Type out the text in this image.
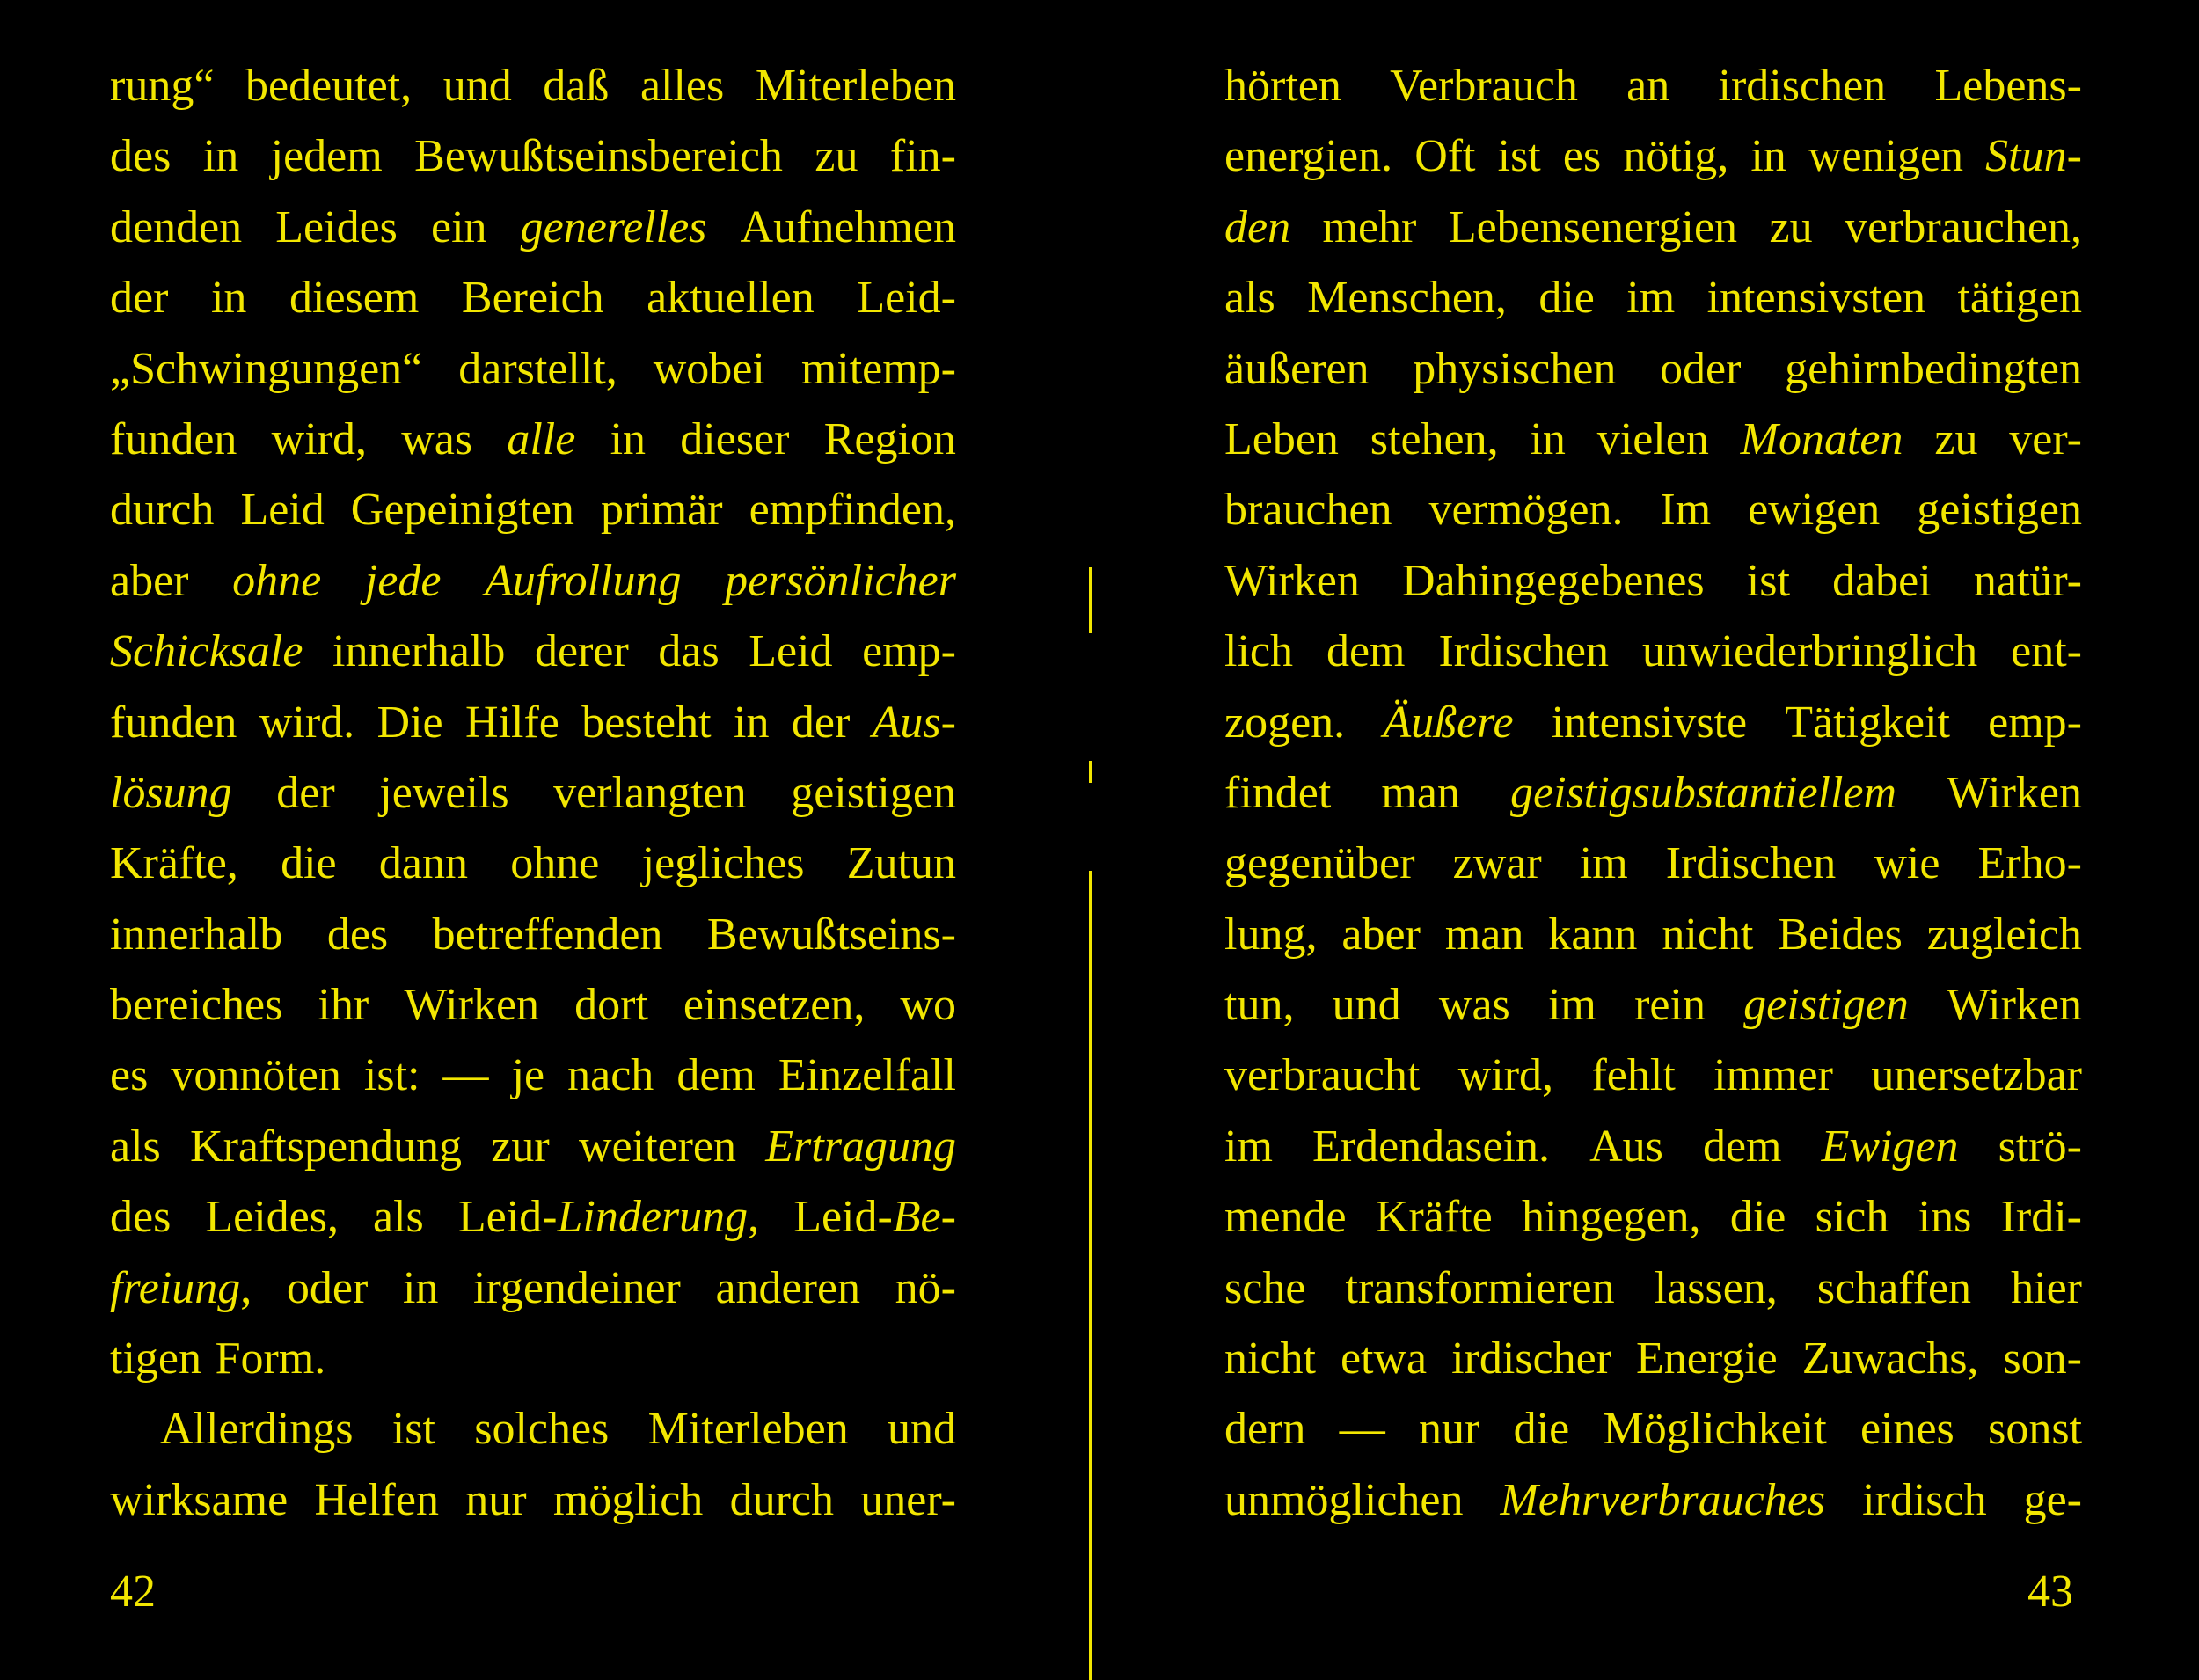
rung“ bedeutet, und daß alles Miterleben
des in jedem Bewußtseinsbereich zu fin-
denden Leides ein generelles Aufnehmen
der in diesem Bereich aktuellen Leid-
„Schwingungen“ darstellt, wobei mitemp-
funden wird, was alle in dieser Region
durch Leid Gepeinigten primär empfinden,
aber ohne jede Aufrollung persönlicher
Schicksale innerhalb derer das Leid emp-
funden wird. Die Hilfe besteht in der Aus-
lösung der jeweils verlangten geistigen
Kräfte, die dann ohne jegliches Zutun
innerhalb des betreffenden Bewußtseins-
bereiches ihr Wirken dort einsetzen, wo
es vonnöten ist: — je nach dem Einzelfall
als Kraftspendung zur weiteren Ertragung
des Leides, als Leid-Linderung, Leid-Be-
freiung, oder in irgendeiner anderen nö-
tigen Form.
Allerdings ist solches Miterleben und
wirksame Helfen nur möglich durch uner-
hörten Verbrauch an irdischen Lebens-
energien. Oft ist es nötig, in wenigen Stun-
den mehr Lebensenergien zu verbrauchen,
als Menschen, die im intensivsten tätigen
äußeren physischen oder gehirnbedingten
Leben stehen, in vielen Monaten zu ver-
brauchen vermögen. Im ewigen geistigen
Wirken Dahingegebenes ist dabei natür-
lich dem Irdischen unwiederbringlich ent-
zogen. Äußere intensivste Tätigkeit emp-
findet man geistigsubstantiellem Wirken
gegenüber zwar im Irdischen wie Erho-
lung, aber man kann nicht Beides zugleich
tun, und was im rein geistigen Wirken
verbraucht wird, fehlt immer unersetzbar
im Erdendasein. Aus dem Ewigen strö-
mende Kräfte hingegen, die sich ins Irdi-
sche transformieren lassen, schaffen hier
nicht etwa irdischer Energie Zuwachs, son-
dern — nur die Möglichkeit eines sonst
unmöglichen Mehrverbrauches irdisch ge-
42	43
